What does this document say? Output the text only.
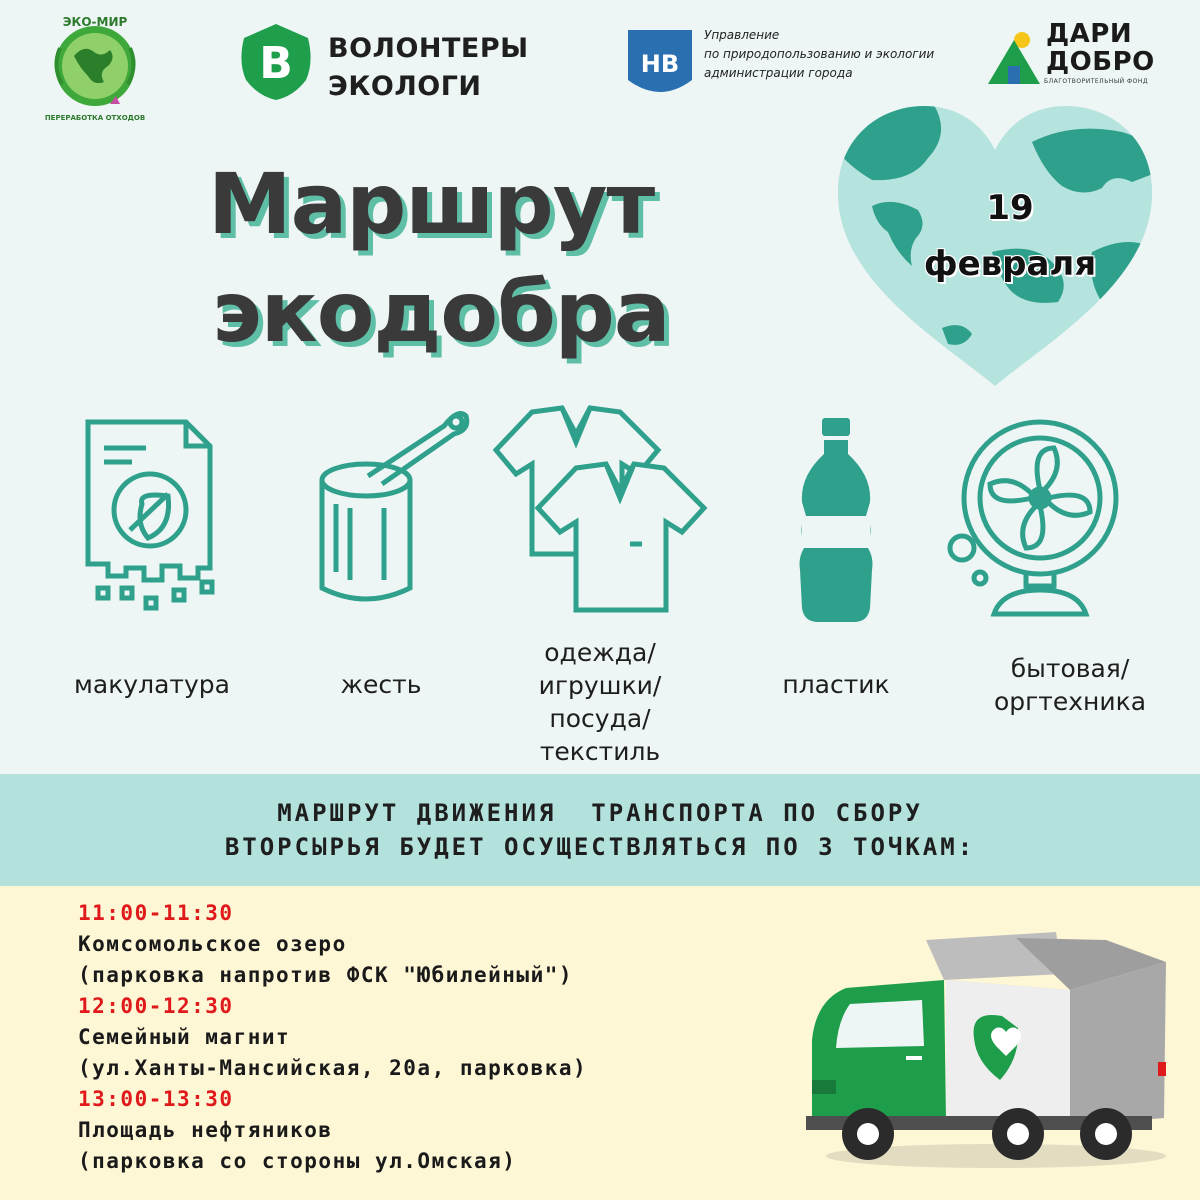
ЭКО-МИР
ПЕРЕРАБОТКА ОТХОДОВ
В ВОЛОНТЕРЫ
ЭКОЛОГИ
НВ
Управление
по природопользованию и экологии
администрации города
ДАРИ
ДОБРО
БЛАГОТВОРИТЕЛЬНЫЙ ФОНД
Маршрут
экодобра
19
февраля
макулатура	жесть
одежда/
игрушки/
посуда/
текстиль
пластик
бытовая/
оргтехника
МАРШРУТ ДВИЖЕНИЯ  ТРАНСПОРТА ПО СБОРУ
ВТОРСЫРЬЯ БУДЕТ ОСУЩЕСТВЛЯТЬСЯ ПО 3 ТОЧКАМ:
11:00-11:30
Комсомольское озеро
(парковка напротив ФСК "Юбилейный")
12:00-12:30
Семейный магнит
(ул.Ханты-Мансийская, 20а, парковка)
13:00-13:30
Площадь нефтяников
(парковка со стороны ул.Омская)
